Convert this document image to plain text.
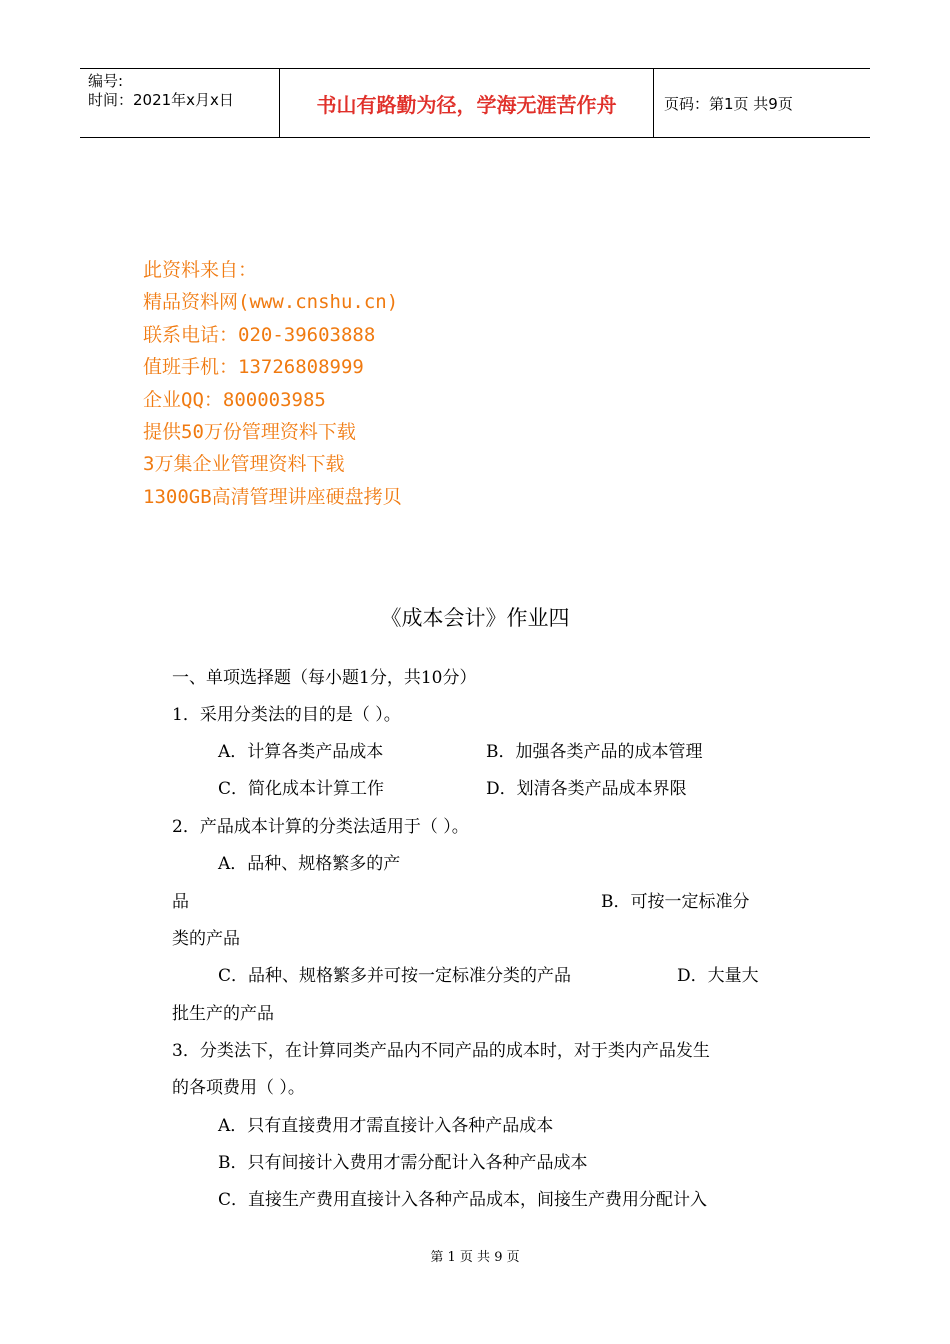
编号:
时间：2021年x月x日	书山有路勤为径，学海无涯苦作舟	页码：第1页 共9页
此资料来自：
精品资料网(www.cnshu.cn)
联系电话：020-39603888
值班手机：13726808999
企业QQ：800003985
提供50万份管理资料下载
3万集企业管理资料下载
1300GB高清管理讲座硬盘拷贝
《成本会计》作业四
一、单项选择题（每小题1分，共10分）
1．采用分类法的目的是（ ）。
A．计算各类产品成本	B．加强各类产品的成本管理
C．简化成本计算工作	D．划清各类产品成本界限
2．产品成本计算的分类法适用于（ ）。
A．品种、规格繁多的产
品	B．可按一定标准分
类的产品
C．品种、规格繁多并可按一定标准分类的产品	D．大量大
批生产的产品
3．分类法下，在计算同类产品内不同产品的成本时，对于类内产品发生
的各项费用（ ）。
A．只有直接费用才需直接计入各种产品成本
B．只有间接计入费用才需分配计入各种产品成本
C．直接生产费用直接计入各种产品成本，间接生产费用分配计入
第 1 页 共 9 页
